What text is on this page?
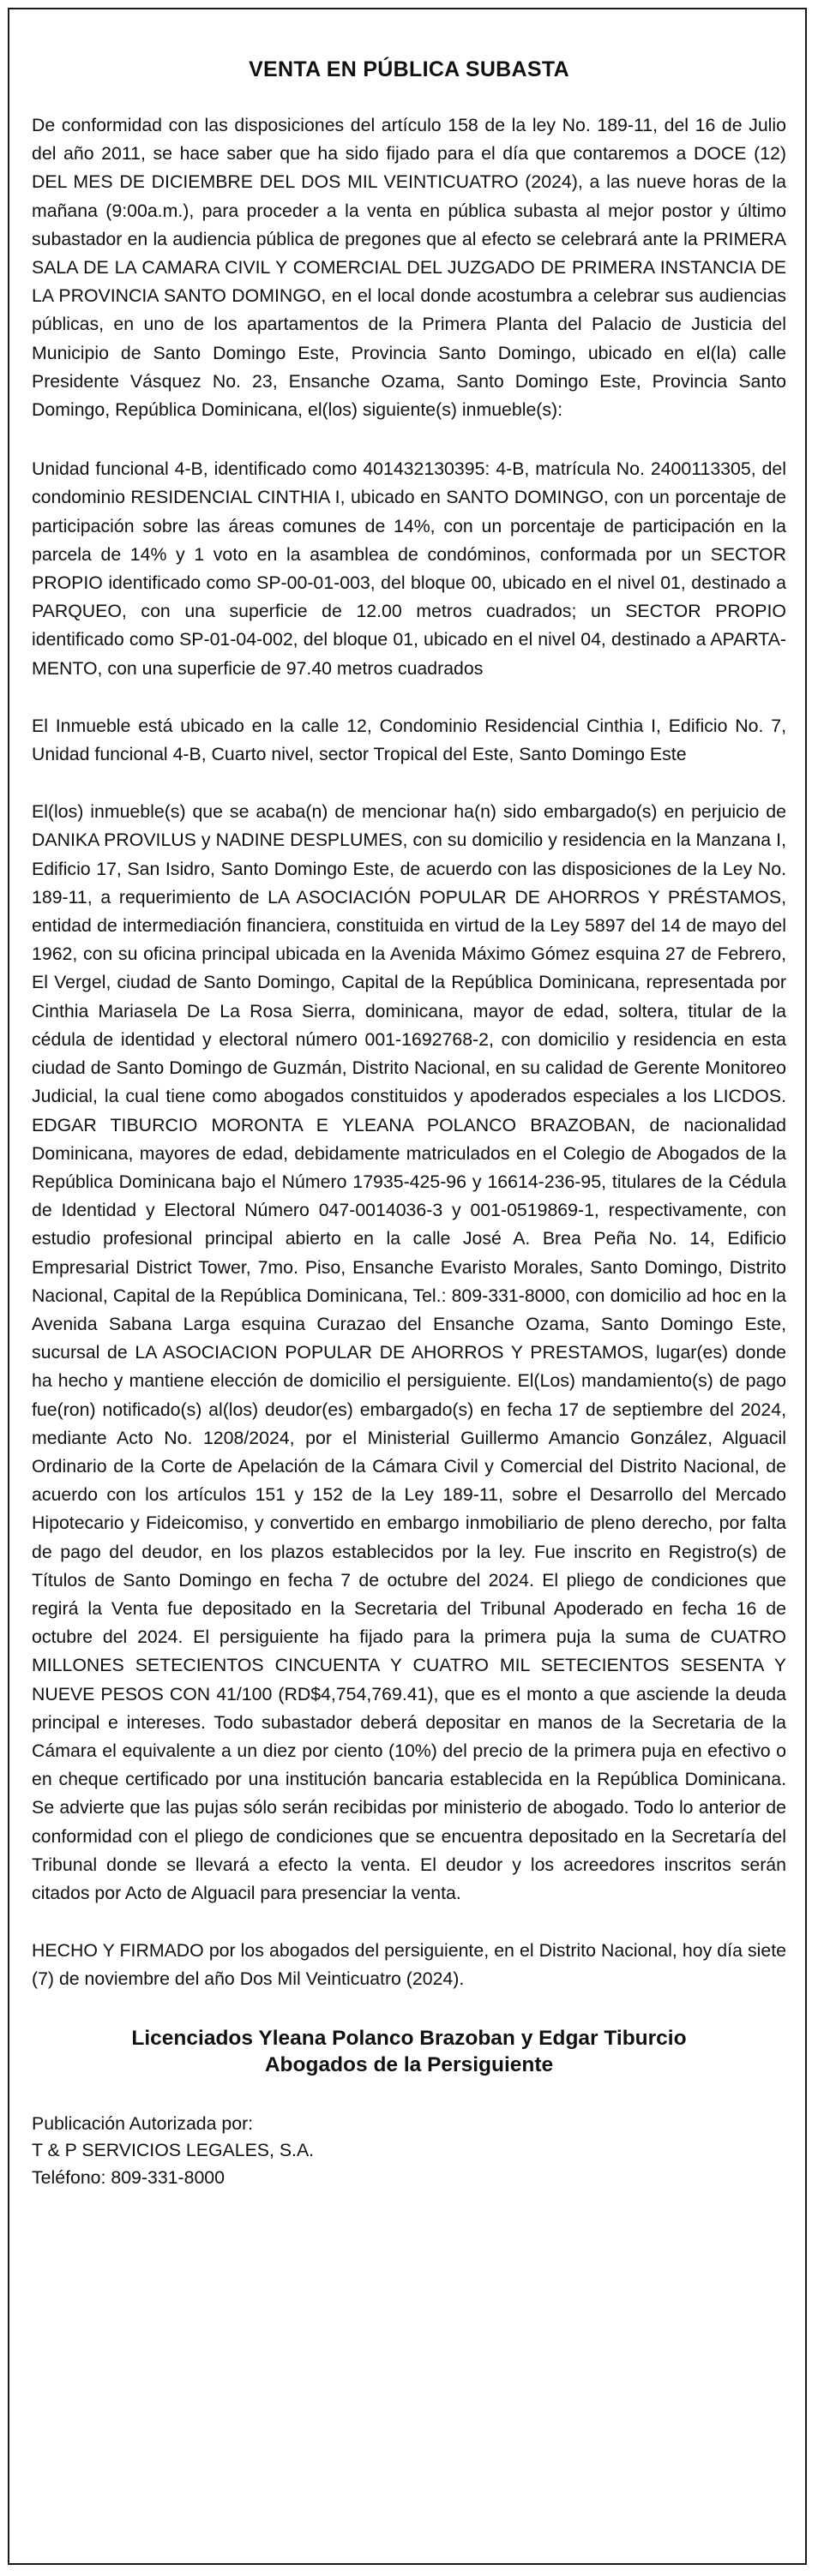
VENTA EN PÚBLICA SUBASTA

De conformidad con las disposiciones del artículo 158 de la ley No. 189-11, del 16 de Julio del año 2011, se hace saber que ha sido fijado para el día que contaremos a DOCE (12) DEL MES DE DICIEMBRE DEL DOS MIL VEINTICUATRO (2024), a las nueve horas de la mañana (9:00a.m.), para proceder a la venta en pública subasta al mejor postor y último subastador en la audiencia pública de pregones que al efecto se celebrará ante la PRIMERA SALA DE LA CAMARA CIVIL Y COMERCIAL DEL JUZGADO DE PRIMERA INSTANCIA DE LA PROVINCIA SANTO DOMINGO, en el local donde acostumbra a celebrar sus audiencias públicas, en uno de los apartamentos de la Primera Planta del Palacio de Justicia del Municipio de Santo Domingo Este, Provincia Santo Domingo, ubicado en el(la) calle Presidente Vásquez No. 23, Ensanche Ozama, Santo Domingo Este, Provincia Santo Domingo, República Dominicana, el(los) siguiente(s) inmueble(s):

Unidad funcional 4-B, identificado como 401432130395: 4-B, matrícula No. 2400113305, del condominio RESIDENCIAL CINTHIA I, ubicado en SANTO DOMINGO, con un porcentaje de participación sobre las áreas comunes de 14%, con un porcentaje de participación en la parcela de 14% y 1 voto en la asamblea de condóminos, conformada por un SECTOR PROPIO identificado como SP-00-01-003, del bloque 00, ubicado en el nivel 01, destinado a PARQUEO, con una superficie de 12.00 metros cuadrados; un SECTOR PROPIO identificado como SP-01-04-002, del bloque 01, ubicado en el nivel 04, destinado a APARTAMENTO, con una superficie de 97.40 metros cuadrados

El Inmueble está ubicado en la calle 12, Condominio Residencial Cinthia I, Edificio No. 7, Unidad funcional 4-B, Cuarto nivel, sector Tropical del Este, Santo Domingo Este

El(los) inmueble(s) que se acaba(n) de mencionar ha(n) sido embargado(s) en perjuicio de DANIKA PROVILUS y NADINE DESPLUMES, con su domicilio y residencia en la Manzana I, Edificio 17, San Isidro, Santo Domingo Este, de acuerdo con las disposiciones de la Ley No. 189-11, a requerimiento de LA ASOCIACIÓN POPULAR DE AHORROS Y PRÉSTAMOS, entidad de intermediación financiera, constituida en virtud de la Ley 5897 del 14 de mayo del 1962, con su oficina principal ubicada en la Avenida Máximo Gómez esquina 27 de Febrero, El Vergel, ciudad de Santo Domingo, Capital de la República Dominicana, representada por Cinthia Mariasela De La Rosa Sierra, dominicana, mayor de edad, soltera, titular de la cédula de identidad y electoral número 001-1692768-2, con domicilio y residencia en esta ciudad de Santo Domingo de Guzmán, Distrito Nacional, en su calidad de Gerente Monitoreo Judicial, la cual tiene como abogados constituidos y apoderados especiales a los LICDOS. EDGAR TIBURCIO MORONTA E YLEANA POLANCO BRAZOBAN, de nacionalidad Dominicana, mayores de edad, debidamente matriculados en el Colegio de Abogados de la República Dominicana bajo el Número 17935-425-96 y 16614-236-95, titulares de la Cédula de Identidad y Electoral Número 047-0014036-3 y 001-0519869-1, respectivamente, con estudio profesional principal abierto en la calle José A. Brea Peña No. 14, Edificio Empresarial District Tower, 7mo. Piso, Ensanche Evaristo Morales, Santo Domingo, Distrito Nacional, Capital de la República Dominicana, Tel.: 809-331-8000, con domicilio ad hoc en la Avenida Sabana Larga esquina Curazao del Ensanche Ozama, Santo Domingo Este, sucursal de LA ASOCIACION POPULAR DE AHORROS Y PRESTAMOS, lugar(es) donde ha hecho y mantiene elección de domicilio el persiguiente. El(Los) mandamiento(s) de pago fue(ron) notificado(s) al(los) deudor(es) embargado(s) en fecha 17 de septiembre del 2024, mediante Acto No. 1208/2024, por el Ministerial Guillermo Amancio González, Alguacil Ordinario de la Corte de Apelación de la Cámara Civil y Comercial del Distrito Nacional, de acuerdo con los artículos 151 y 152 de la Ley 189-11, sobre el Desarrollo del Mercado Hipotecario y Fideicomiso, y convertido en embargo inmobiliario de pleno derecho, por falta de pago del deudor, en los plazos establecidos por la ley. Fue inscrito en Registro(s) de Títulos de Santo Domingo en fecha 7 de octubre del 2024. El pliego de condiciones que regirá la Venta fue depositado en la Secretaria del Tribunal Apoderado en fecha 16 de octubre del 2024. El persiguiente ha fijado para la primera puja la suma de CUATRO MILLONES SETECIENTOS CINCUENTA Y CUATRO MIL SETECIENTOS SESENTA Y NUEVE PESOS CON 41/100 (RD$4,754,769.41), que es el monto a que asciende la deuda principal e intereses. Todo subastador deberá depositar en manos de la Secretaria de la Cámara el equivalente a un diez por ciento (10%) del precio de la primera puja en efectivo o en cheque certificado por una institución bancaria establecida en la República Dominicana. Se advierte que las pujas sólo serán recibidas por ministerio de abogado. Todo lo anterior de conformidad con el pliego de condiciones que se encuentra depositado en la Secretaría del Tribunal donde se llevará a efecto la venta. El deudor y los acreedores inscritos serán citados por Acto de Alguacil para presenciar la venta.

HECHO Y FIRMADO por los abogados del persiguiente, en el Distrito Nacional, hoy día siete (7) de noviembre del año Dos Mil Veinticuatro (2024).

Licenciados Yleana Polanco Brazoban y Edgar Tiburcio
Abogados de la Persiguiente
Publicación Autorizada por:
T & P SERVICIOS LEGALES, S.A.
Teléfono: 809-331-8000
